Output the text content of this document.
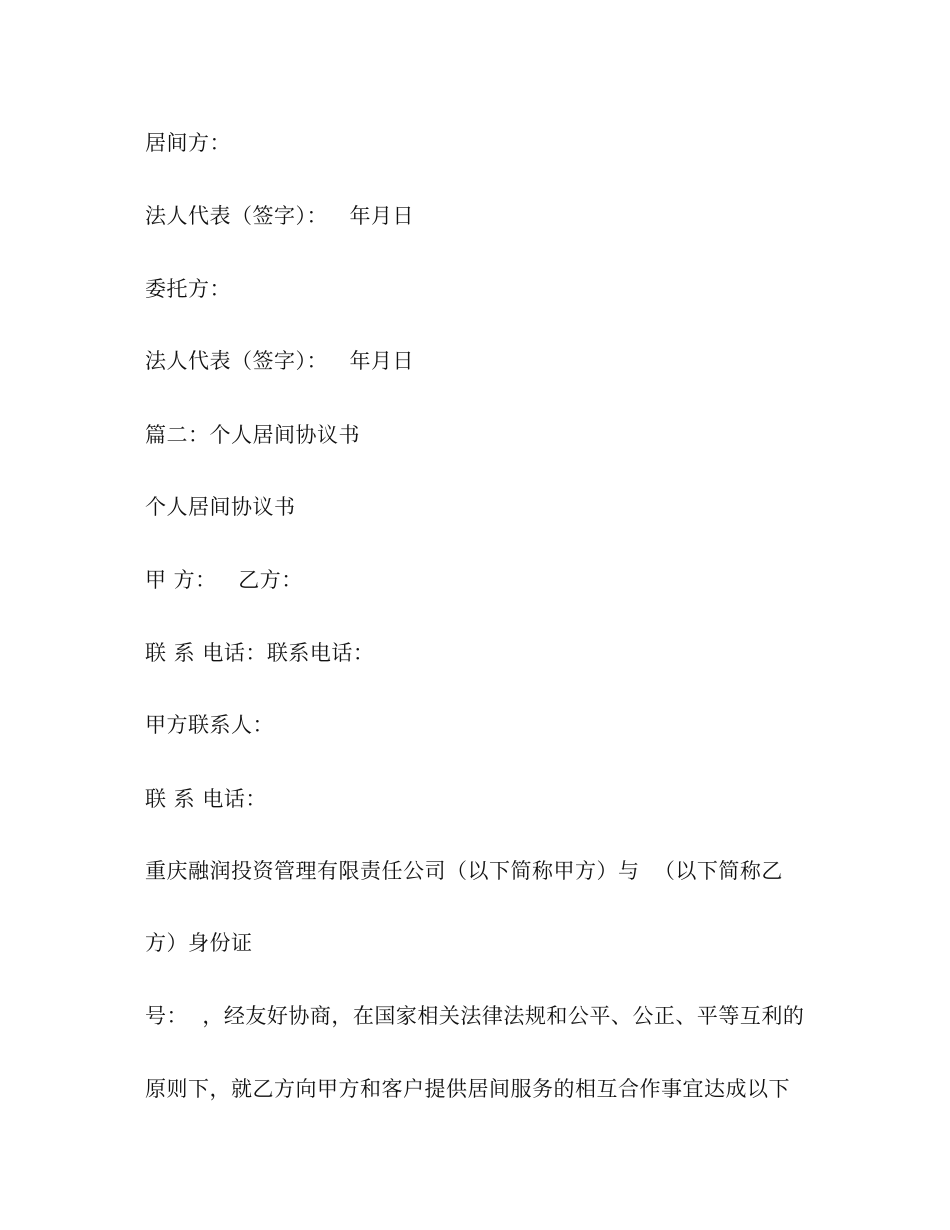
居间方：
法人代表（签字）：   年月日
委托方：
法人代表（签字）：   年月日
篇二：个人居间协议书
个人居间协议书
甲 方：   乙方：
联 系 电话：联系电话：
甲方联系人：
联 系 电话：
重庆融润投资管理有限责任公司（以下简称甲方）与  （以下简称乙
方）身份证
号：  ，经友好协商，在国家相关法律法规和公平、公正、平等互利的
原则下，就乙方向甲方和客户提供居间服务的相互合作事宜达成以下
